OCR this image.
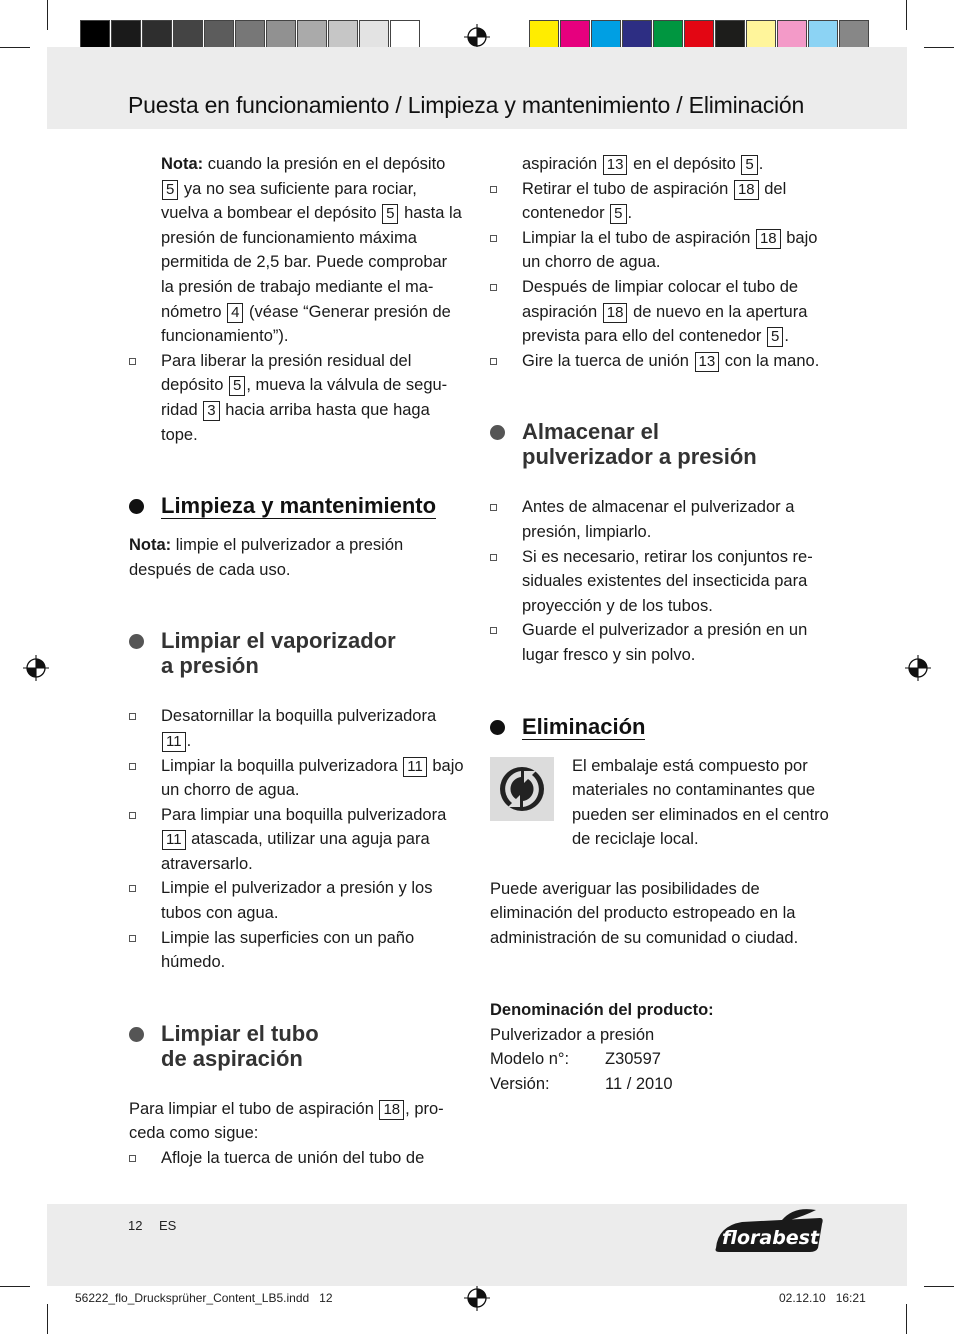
Puesta en funcionamiento / Limpieza y mantenimiento / Eliminación

Nota: cuando la presión en el depósito 5 ya no sea suficiente para rociar, vuelva a bombear el depósito 5 hasta la presión de funcionamiento máxima permitida de 2,5 bar. Puede comprobar la presión de trabajo mediante el ma-nómetro 4 (véase “Generar presión de funcionamiento”).

Para liberar la presión residual del depósito 5 , mueva la válvula de segu-ridad 3 hacia arriba hasta que haga tope.

Limpieza y mantenimiento

Nota: limpie el pulverizador a presión después de cada uso.

Limpiar el vaporizador
a presión

Desatornillar la boquilla pulverizadora 11 .

Limpiar la boquilla pulverizadora 11 bajo un chorro de agua.

Para limpiar una boquilla pulverizadora 11 atascada, utilizar una aguja para atraversarlo.

Limpie el pulverizador a presión y los tubos con agua.

Limpie las superficies con un paño húmedo.

Limpiar el tubo
de aspiración

Para limpiar el tubo de aspiración 18 , pro-ceda como sigue:

Afloje la tuerca de unión del tubo de

aspiración 13 en el depósito 5 .

Retirar el tubo de aspiración 18 del contenedor 5 .

Limpiar la el tubo de aspiración 18 bajo un chorro de agua.

Después de limpiar colocar el tubo de aspiración 18 de nuevo en la apertura prevista para ello del contenedor 5 .

Gire la tuerca de unión 13 con la mano.

Almacenar el
pulverizador a presión

Antes de almacenar el pulverizador a presión, limpiarlo.

Si es necesario, retirar los conjuntos re-siduales existentes del insecticida para proyección y de los tubos.

Guarde el pulverizador a presión en un lugar fresco y sin polvo.

Eliminación

El embalaje está compuesto por materiales no contaminantes que pueden ser eliminados en el centro de reciclaje local.

Puede averiguar las posibilidades de eliminación del producto estropeado en la administración de su comunidad o ciudad.

Denominación del producto:

Pulverizador a presión

Modelo n°: Z30597

Versión:	11 / 2010

12 ES
florabest
56222_flo_Drucksprüher_Content_LB5.indd   12	02.12.10   16:21
